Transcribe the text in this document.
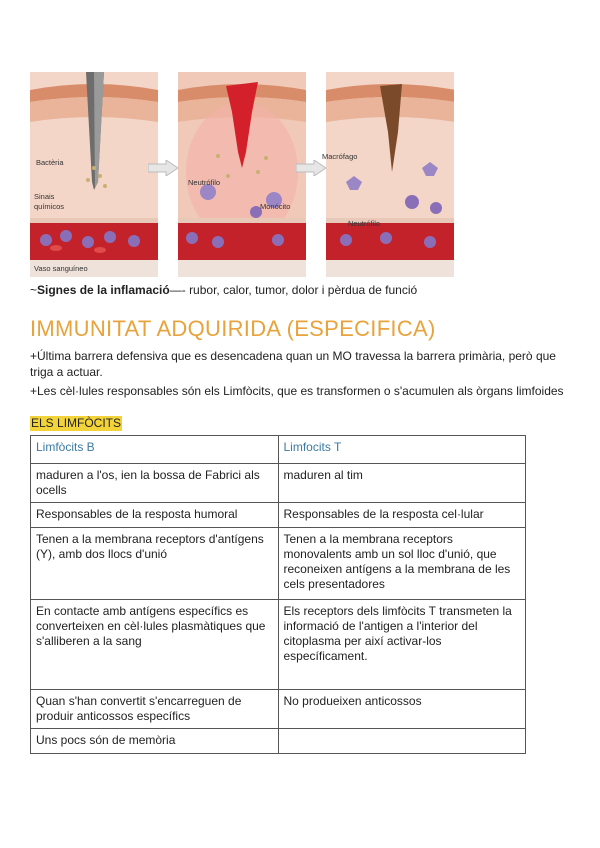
Bactèria
Sinais
químicos
Vaso sanguíneo
Neutrófilo
Monócito
Macrófago
Neutrófilo
~Signes de la inflamació—- rubor, calor, tumor, dolor i pèrdua de funció
IMMUNITAT ADQUIRIDA (ESPECIFICA)
+Última barrera defensiva que es desencadena quan un MO travessa la barrera primària, però que triga a actuar.
+Les cèl·lules responsables són els Limfòcits, que es transformen o s'acumulen als òrgans limfoides
ELS LIMFÒCITS
Limfòcits B	Limfocits T
maduren a l'os, ien la bossa de Fabrici als ocells	maduren al tim
Responsables de la resposta humoral	Responsables de la resposta cel·lular
Tenen a la membrana receptors d'antígens (Y), amb dos llocs d'unió	Tenen a la membrana receptors monovalents amb un sol lloc d'unió, que reconeixen antígens a la membrana de les cels presentadores
En contacte amb antígens específics es converteixen en cèl·lules plasmàtiques que s'alliberen a la sang	Els receptors dels limfòcits T transmeten la informació de l'antigen a l'interior del citoplasma per així activar-los específicament.
Quan s'han convertit s'encarreguen de produir anticossos específics	No produeixen anticossos
Uns pocs són de memòria	
